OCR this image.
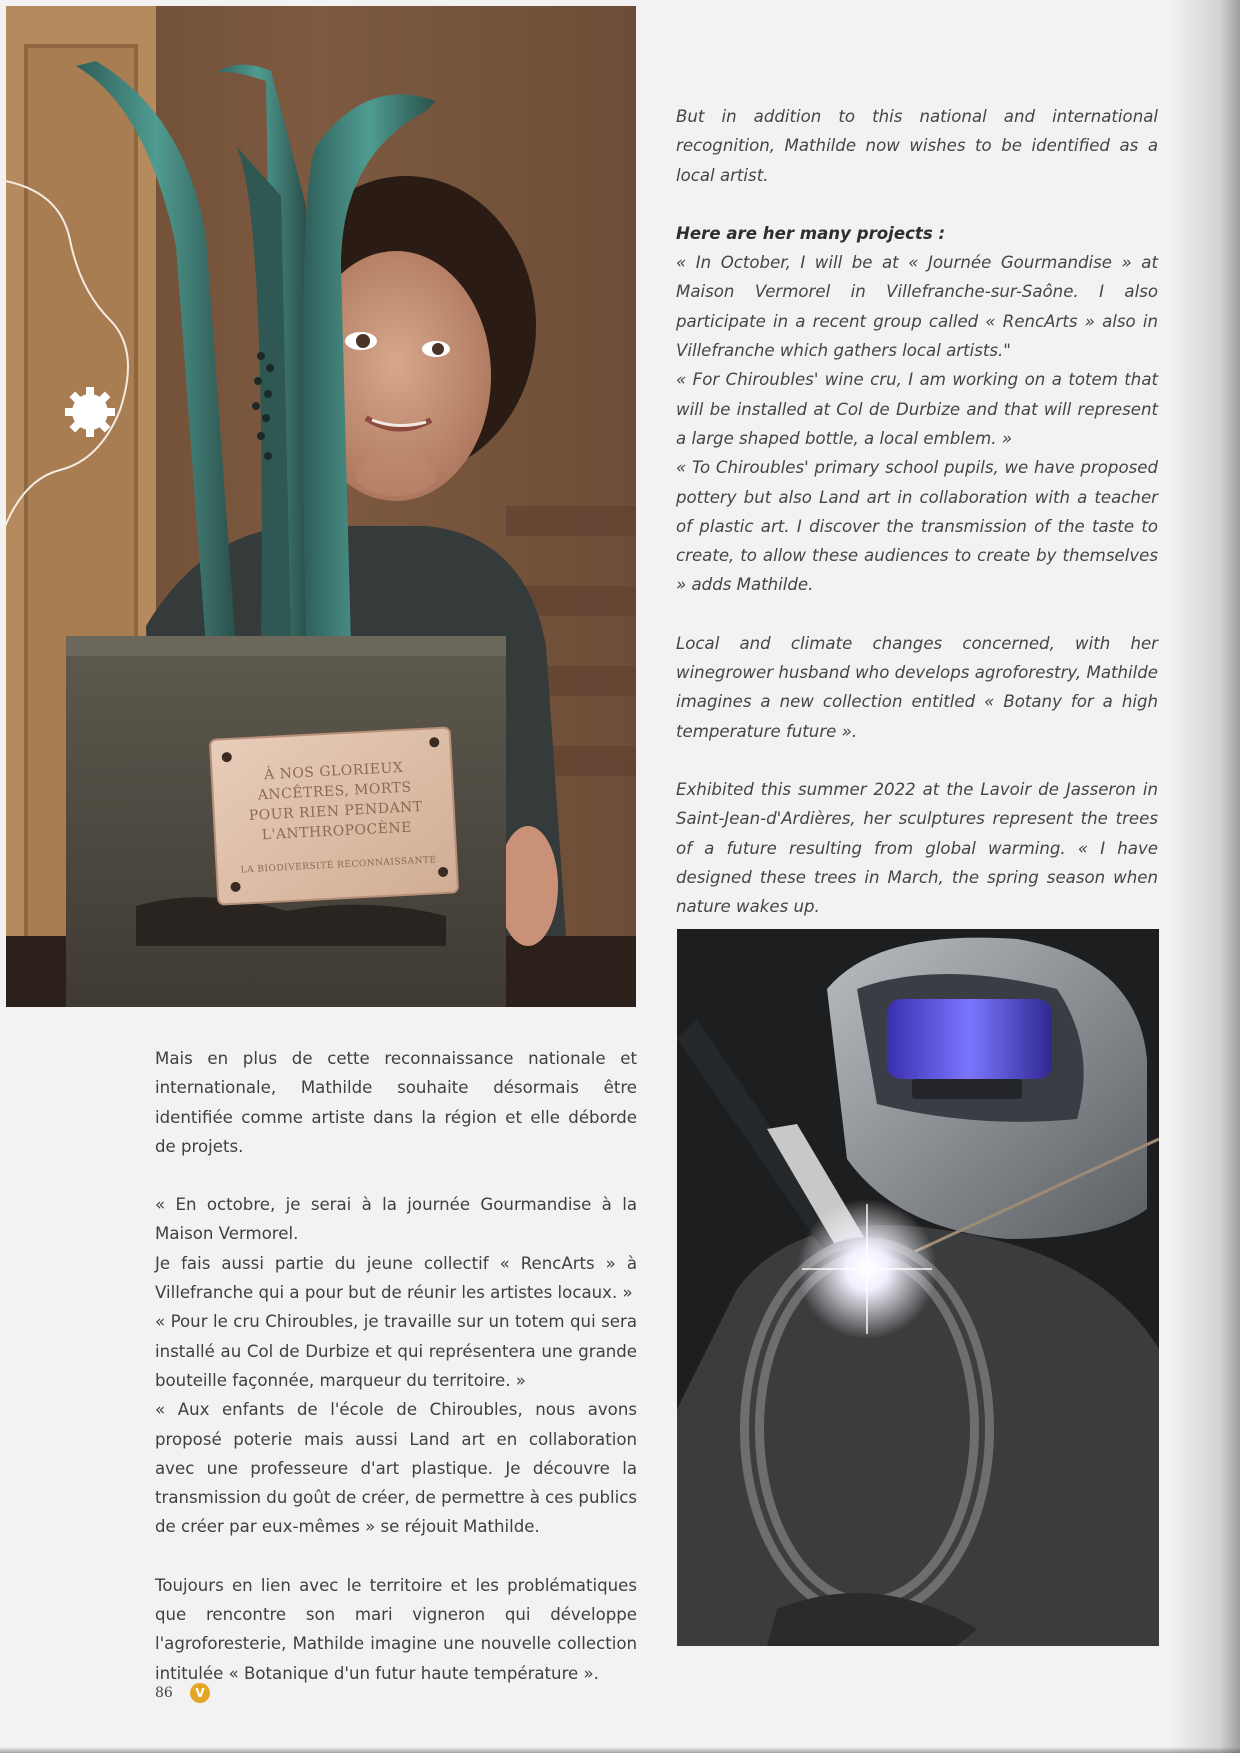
À NOS GLORIEUX
ANCÊTRES, MORTS
POUR RIEN PENDANT
L'ANTHROPOCÈNE
LA BIODIVERSITÉ RECONNAISSANTE

But in addition to this national and international recognition, Mathilde now wishes to be identified as a local artist.

Here are her many projects :

« In October, I will be at « Journée Gourmandise » at Maison Vermorel in Villefranche-sur-Saône. I also participate in a recent group called « RencArts » also in Villefranche which gathers local artists."

« For Chiroubles' wine cru, I am working on a totem that will be installed at Col de Durbize and that will represent a large shaped bottle, a local emblem. »

« To Chiroubles' primary school pupils, we have proposed pottery but also Land art in collaboration with a teacher of plastic art. I discover the transmission of the taste to create, to allow these audiences to create by themselves » adds Mathilde.

Local and climate changes concerned, with her winegrower husband who develops agroforestry, Mathilde imagines a new collection entitled « Botany for a high temperature future ».

Exhibited this summer 2022 at the Lavoir de Jasseron in Saint-Jean-d'Ardières, her sculptures represent the trees of a future resulting from global warming. « I have designed these trees in March, the spring season when nature wakes up.

Mais en plus de cette reconnaissance nationale et internationale, Mathilde souhaite désormais être identifiée comme artiste dans la région et elle déborde de projets.

« En octobre, je serai à la journée Gourmandise à la Maison Vermorel.

Je fais aussi partie du jeune collectif « RencArts » à Villefranche qui a pour but de réunir les artistes locaux. »

« Pour le cru Chiroubles, je travaille sur un totem qui sera installé au Col de Durbize et qui représentera une grande bouteille façonnée, marqueur du territoire. »

« Aux enfants de l'école de Chiroubles, nous avons proposé poterie mais aussi Land art en collaboration avec une professeure d'art plastique. Je découvre la transmission du goût de créer, de permettre à ces publics de créer par eux-mêmes » se réjouit Mathilde.

Toujours en lien avec le territoire et les problématiques que rencontre son mari vigneron qui développe l'agroforesterie, Mathilde imagine une nouvelle collection intitulée « Botanique d'un futur haute température ».

86	V
